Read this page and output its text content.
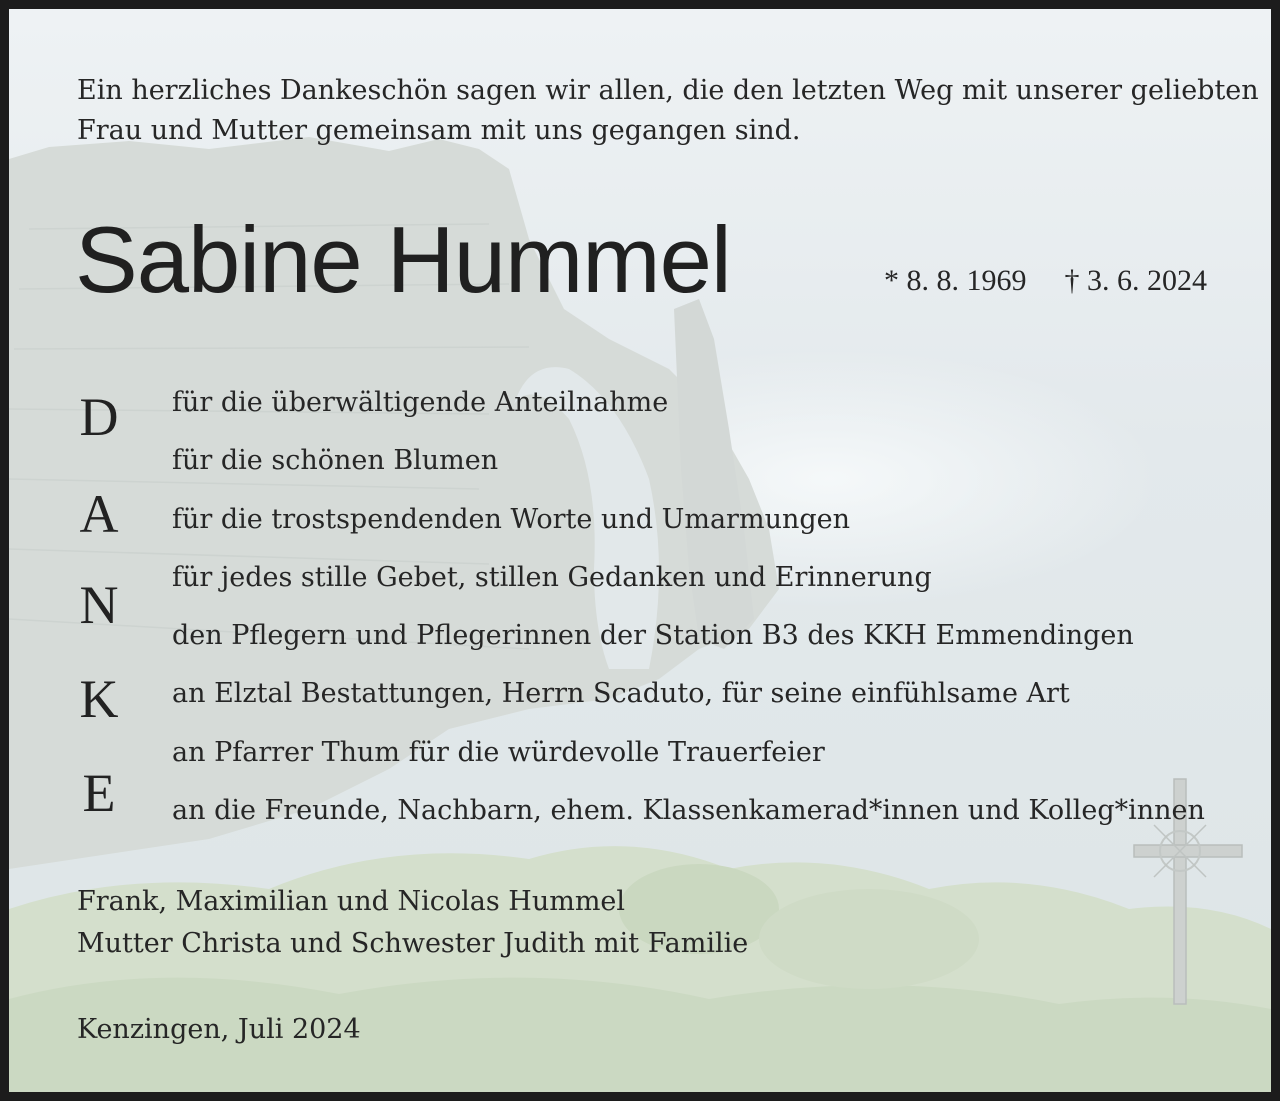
Ein herzliches Dankeschön sagen wir allen, die den letzten Weg mit unserer geliebten
Frau und Mutter gemeinsam mit uns gegangen sind.

Sabine Hummel	* 8. 8. 1969 † 3. 6. 2024
D
A
N
K
E
für die überwältigende Anteilnahme
für die schönen Blumen
für die trostspendenden Worte und Umarmungen
für jedes stille Gebet, stillen Gedanken und Erinnerung
den Pflegern und Pflegerinnen der Station B3 des KKH Emmendingen
an Elztal Bestattungen, Herrn Scaduto, für seine einfühlsame Art
an Pfarrer Thum für die würdevolle Trauerfeier
an die Freunde, Nachbarn, ehem. Klassenkamerad*innen und Kolleg*innen

Frank, Maximilian und Nicolas Hummel
Mutter Christa und Schwester Judith mit Familie

Kenzingen, Juli 2024
